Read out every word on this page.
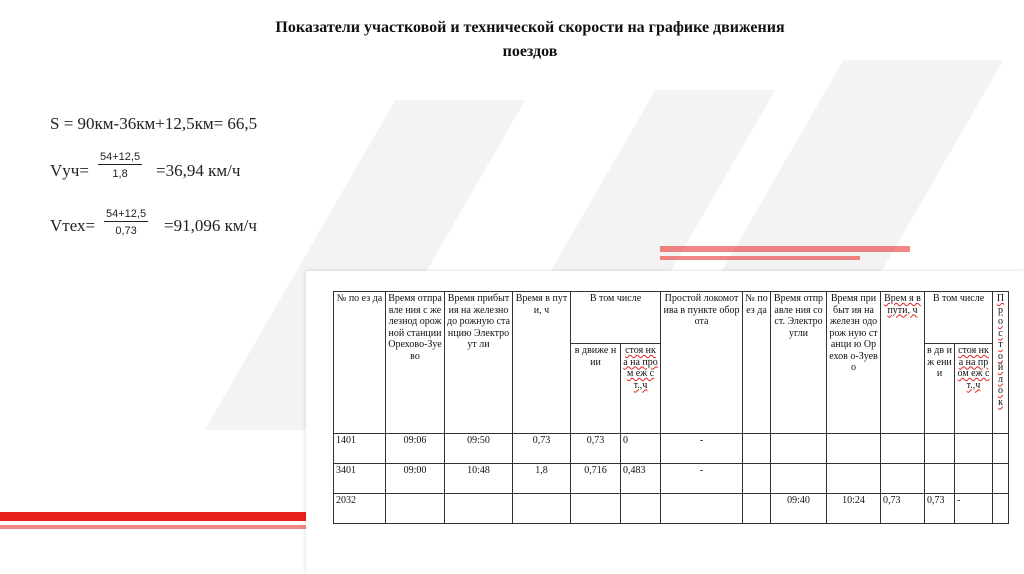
Показатели участковой и технической скорости на графике движения
поездов
S = 90км-36км+12,5км= 66,5
$Vуч= \frac{54+12,5}{1,8} =36,94$ км/ч
Vтех= $\frac{54+12,5}{0,73} =91,096$ км/ч
№ по ез да	Время отправле ния с железнод орожной станции Орехово-Зуево	Время прибытия на железнодо рожную станцию Электроут ли	Время в пути, ч	В том числе		Простой локомотива в пункте оборота	№ по ез да	Время отправле ния со ст. Электро угли	Время прибыт ия на железн одорож ную станци ю Орехов о-Зуево	Врем я в пути, ч	В том числе		Пр о с т о й л о к
				в движе нии	стоя нка на пром еж ст.,ч						в дв иж ени и	стоя нка на пром еж ст.,ч	
1401	09:06	09:50	0,73	0,73	0	-							
3401	09:00	10:48	1,8	0,716	0,483	-							
2032								09:40	10:24	0,73	0,73	-	
